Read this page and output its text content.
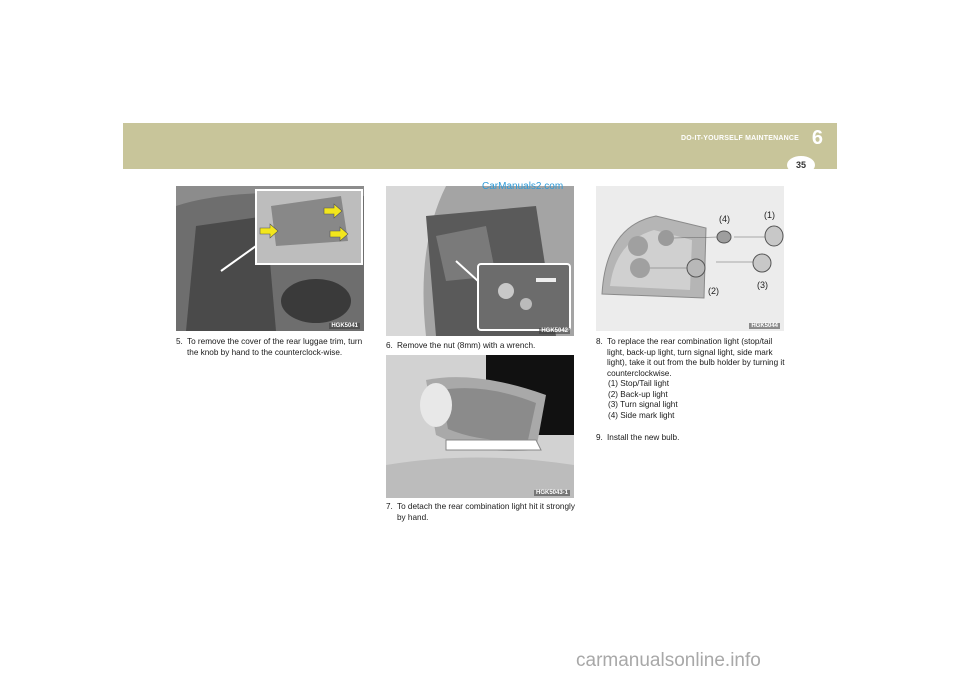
DO-IT-YOURSELF MAINTENANCE 6
35
HGK5041
5. To remove the cover of the rear luggae trim, turn the knob by hand to the counterclock-wise.
HGK5042
6. Remove the nut (8mm) with a wrench.
HGK5043-1
7. To detach the rear combination light hit it strongly by hand.
HGK5044
(4)	(1)
(2)
(3)
8. To replace the rear combination light (stop/tail light, back-up light, turn signal light, side mark light), take it out from the bulb holder by turning it counterclockwise.
(1) Stop/Tail light
(2) Back-up light
(3) Turn signal light
(4) Side mark light
9. Install the new bulb.
CarManuals2.com
carmanualsonline.info
